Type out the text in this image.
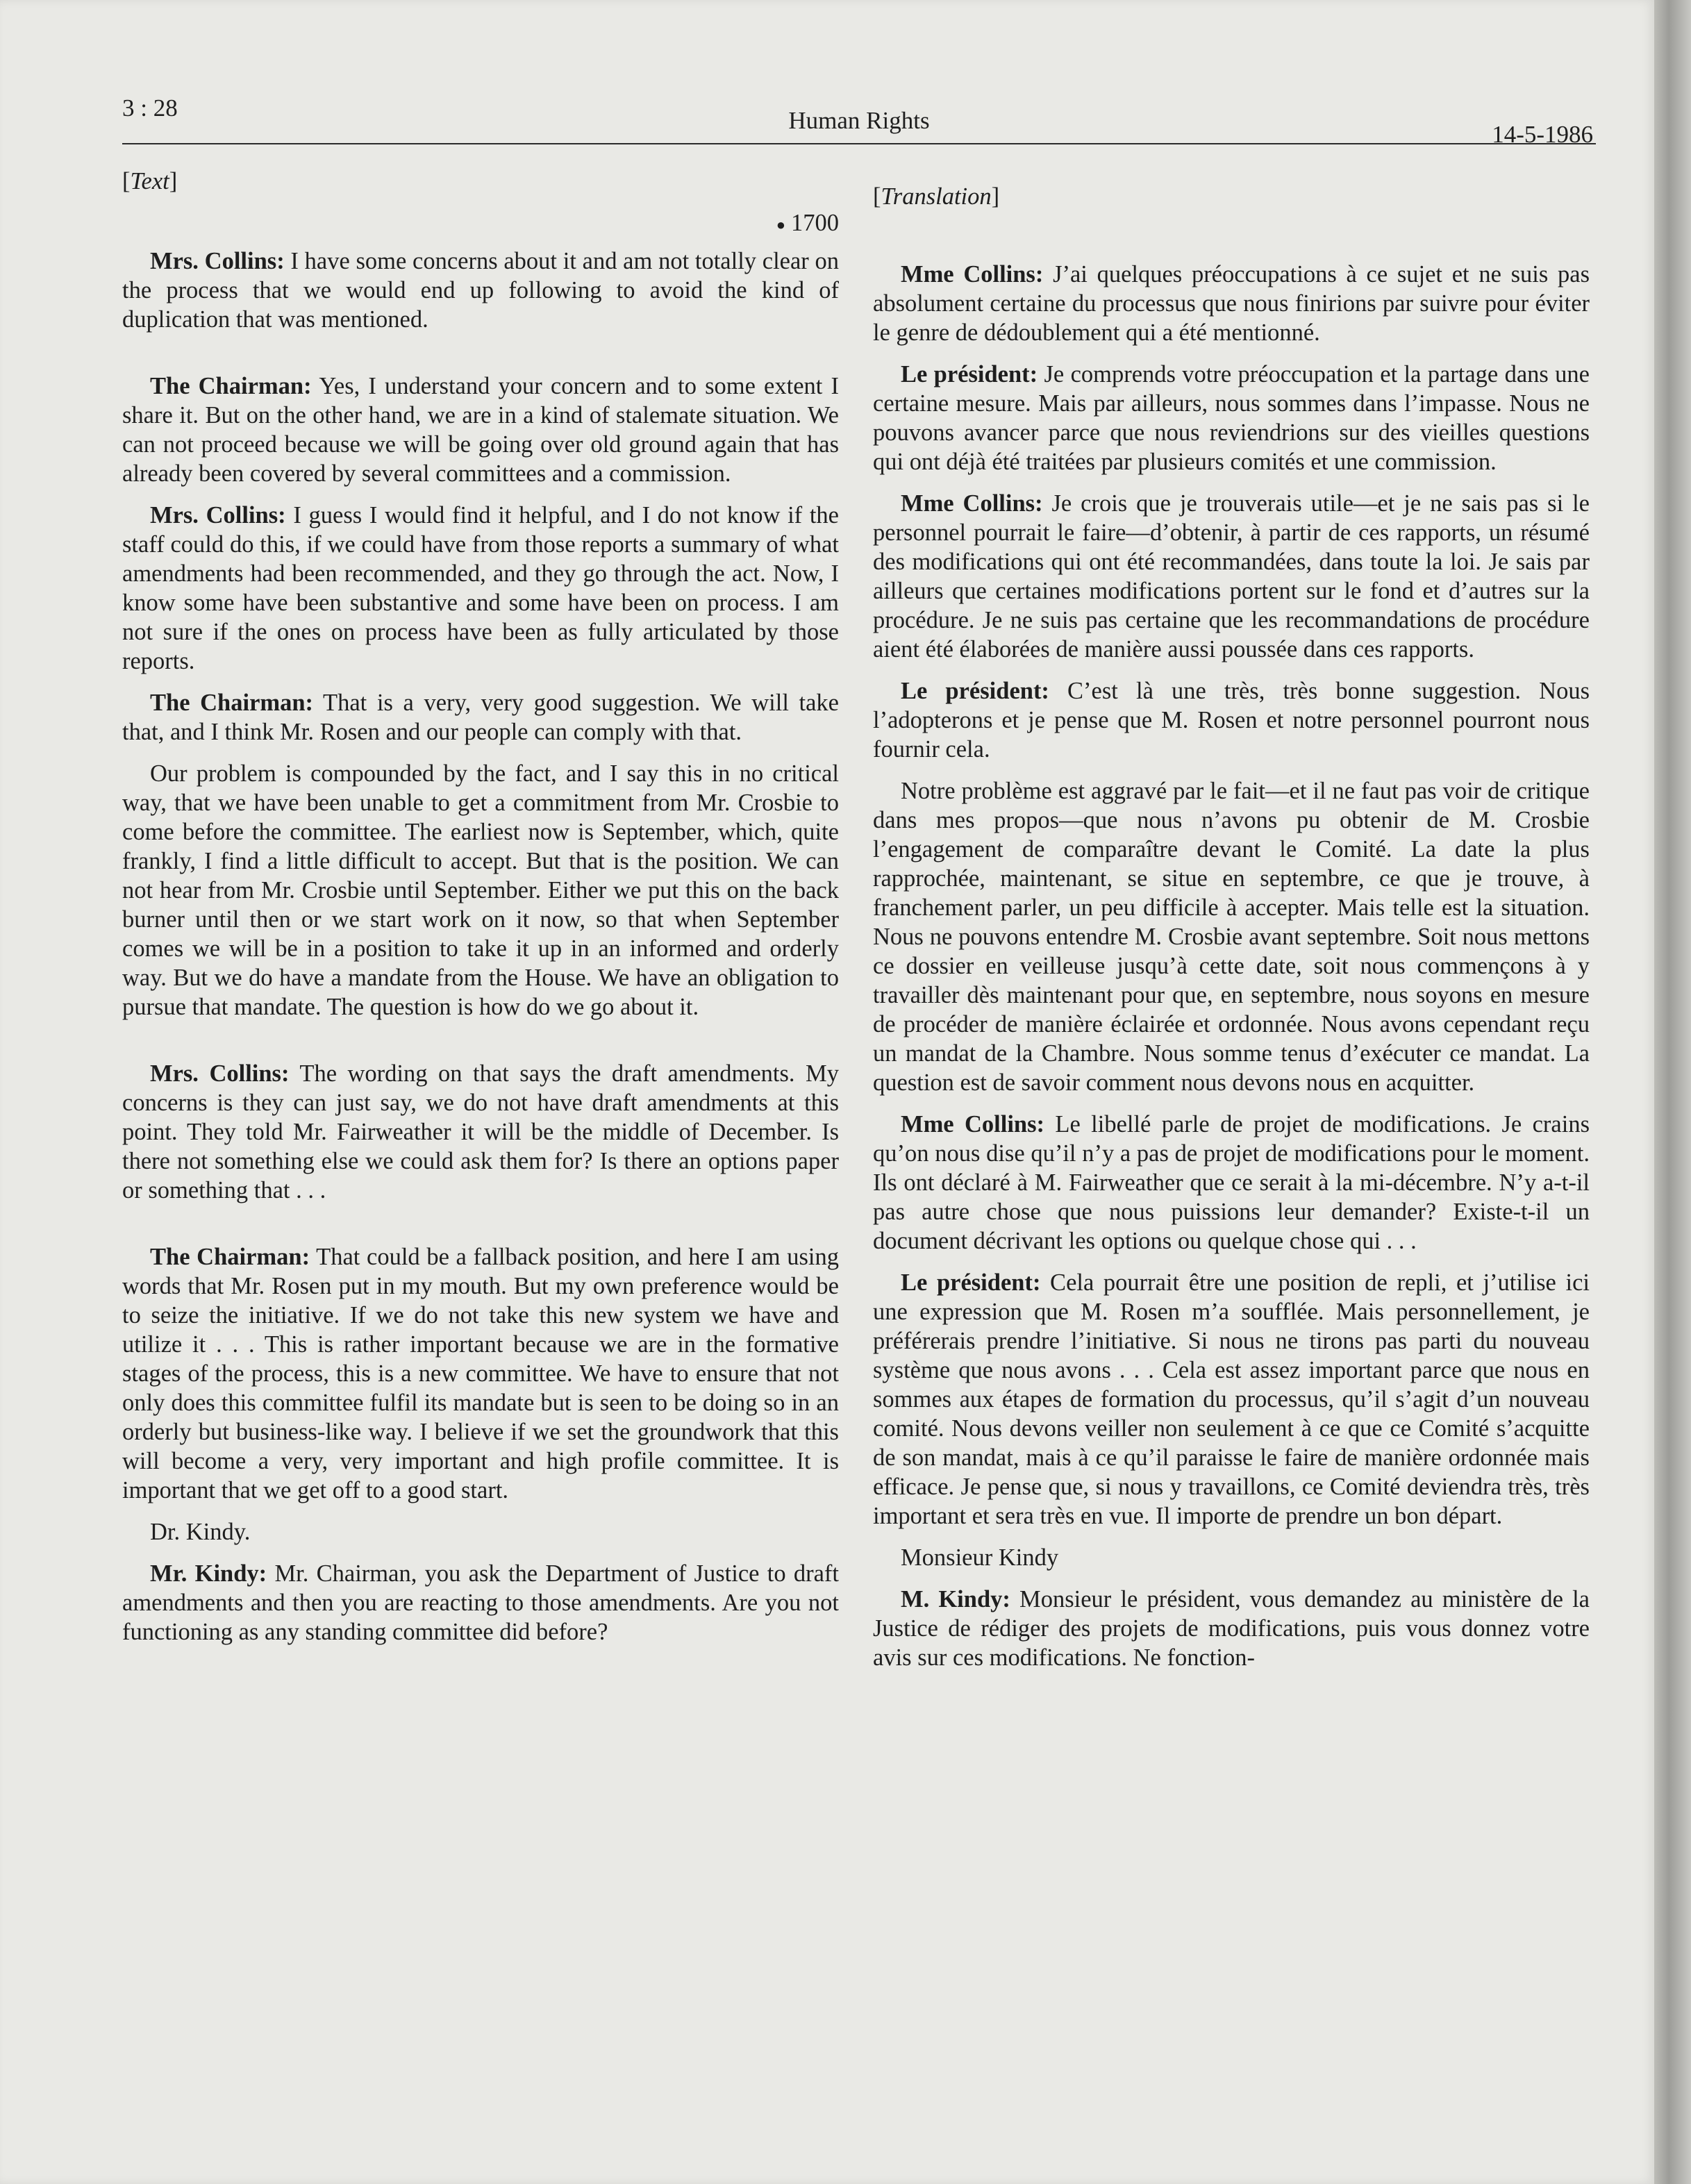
3 : 28	Human Rights
14-5-1986
[Text]
● 1700

Mrs. Collins: I have some concerns about it and am not totally clear on the process that we would end up following to avoid the kind of duplication that was mentioned.

The Chairman: Yes, I understand your concern and to some extent I share it. But on the other hand, we are in a kind of stalemate situation. We can not proceed because we will be going over old ground again that has already been covered by several committees and a commission.

Mrs. Collins: I guess I would find it helpful, and I do not know if the staff could do this, if we could have from those reports a summary of what amendments had been recommended, and they go through the act. Now, I know some have been substantive and some have been on process. I am not sure if the ones on process have been as fully articulated by those reports.

The Chairman: That is a very, very good suggestion. We will take that, and I think Mr. Rosen and our people can comply with that.

Our problem is compounded by the fact, and I say this in no critical way, that we have been unable to get a commitment from Mr. Crosbie to come before the committee. The earliest now is September, which, quite frankly, I find a little difficult to accept. But that is the position. We can not hear from Mr. Crosbie until September. Either we put this on the back burner until then or we start work on it now, so that when September comes we will be in a position to take it up in an informed and orderly way. But we do have a mandate from the House. We have an obligation to pursue that mandate. The question is how do we go about it.

Mrs. Collins: The wording on that says the draft amendments. My concerns is they can just say, we do not have draft amendments at this point. They told Mr. Fairweather it will be the middle of December. Is there not something else we could ask them for? Is there an options paper or something that . . .

The Chairman: That could be a fallback position, and here I am using words that Mr. Rosen put in my mouth. But my own preference would be to seize the initiative. If we do not take this new system we have and utilize it . . . This is rather important because we are in the formative stages of the process, this is a new committee. We have to ensure that not only does this committee fulfil its mandate but is seen to be doing so in an orderly but business-like way. I believe if we set the groundwork that this will become a very, very important and high profile committee. It is important that we get off to a good start.

Dr. Kindy.

Mr. Kindy: Mr. Chairman, you ask the Department of Justice to draft amendments and then you are reacting to those amendments. Are you not functioning as any standing committee did before?

[Translation]

Mme Collins: J’ai quelques préoccupations à ce sujet et ne suis pas absolument certaine du processus que nous finirions par suivre pour éviter le genre de dédoublement qui a été mentionné.

Le président: Je comprends votre préoccupation et la partage dans une certaine mesure. Mais par ailleurs, nous sommes dans l’impasse. Nous ne pouvons avancer parce que nous reviendrions sur des vieilles questions qui ont déjà été traitées par plusieurs comités et une commission.

Mme Collins: Je crois que je trouverais utile—et je ne sais pas si le personnel pourrait le faire—d’obtenir, à partir de ces rapports, un résumé des modifications qui ont été recommandées, dans toute la loi. Je sais par ailleurs que certaines modifications portent sur le fond et d’autres sur la procédure. Je ne suis pas certaine que les recommandations de procédure aient été élaborées de manière aussi poussée dans ces rapports.

Le président: C’est là une très, très bonne suggestion. Nous l’adopterons et je pense que M. Rosen et notre personnel pourront nous fournir cela.

Notre problème est aggravé par le fait—et il ne faut pas voir de critique dans mes propos—que nous n’avons pu obtenir de M. Crosbie l’engagement de comparaître devant le Comité. La date la plus rapprochée, maintenant, se situe en septembre, ce que je trouve, à franchement parler, un peu difficile à accepter. Mais telle est la situation. Nous ne pouvons entendre M. Crosbie avant septembre. Soit nous mettons ce dossier en veilleuse jusqu’à cette date, soit nous commençons à y travailler dès maintenant pour que, en septembre, nous soyons en mesure de procéder de manière éclairée et ordonnée. Nous avons cependant reçu un mandat de la Chambre. Nous somme tenus d’exécuter ce mandat. La question est de savoir comment nous devons nous en acquitter.

Mme Collins: Le libellé parle de projet de modifications. Je crains qu’on nous dise qu’il n’y a pas de projet de modifications pour le moment. Ils ont déclaré à M. Fairweather que ce serait à la mi-décembre. N’y a-t-il pas autre chose que nous puissions leur demander? Existe-t-il un document décrivant les options ou quelque chose qui . . .

Le président: Cela pourrait être une position de repli, et j’utilise ici une expression que M. Rosen m’a soufflée. Mais personnellement, je préférerais prendre l’initiative. Si nous ne tirons pas parti du nouveau système que nous avons . . . Cela est assez important parce que nous en sommes aux étapes de formation du processus, qu’il s’agit d’un nouveau comité. Nous devons veiller non seulement à ce que ce Comité s’acquitte de son mandat, mais à ce qu’il paraisse le faire de manière ordonnée mais efficace. Je pense que, si nous y travaillons, ce Comité deviendra très, très important et sera très en vue. Il importe de prendre un bon départ.

Monsieur Kindy

M. Kindy: Monsieur le président, vous demandez au ministère de la Justice de rédiger des projets de modifications, puis vous donnez votre avis sur ces modifications. Ne fonction-
